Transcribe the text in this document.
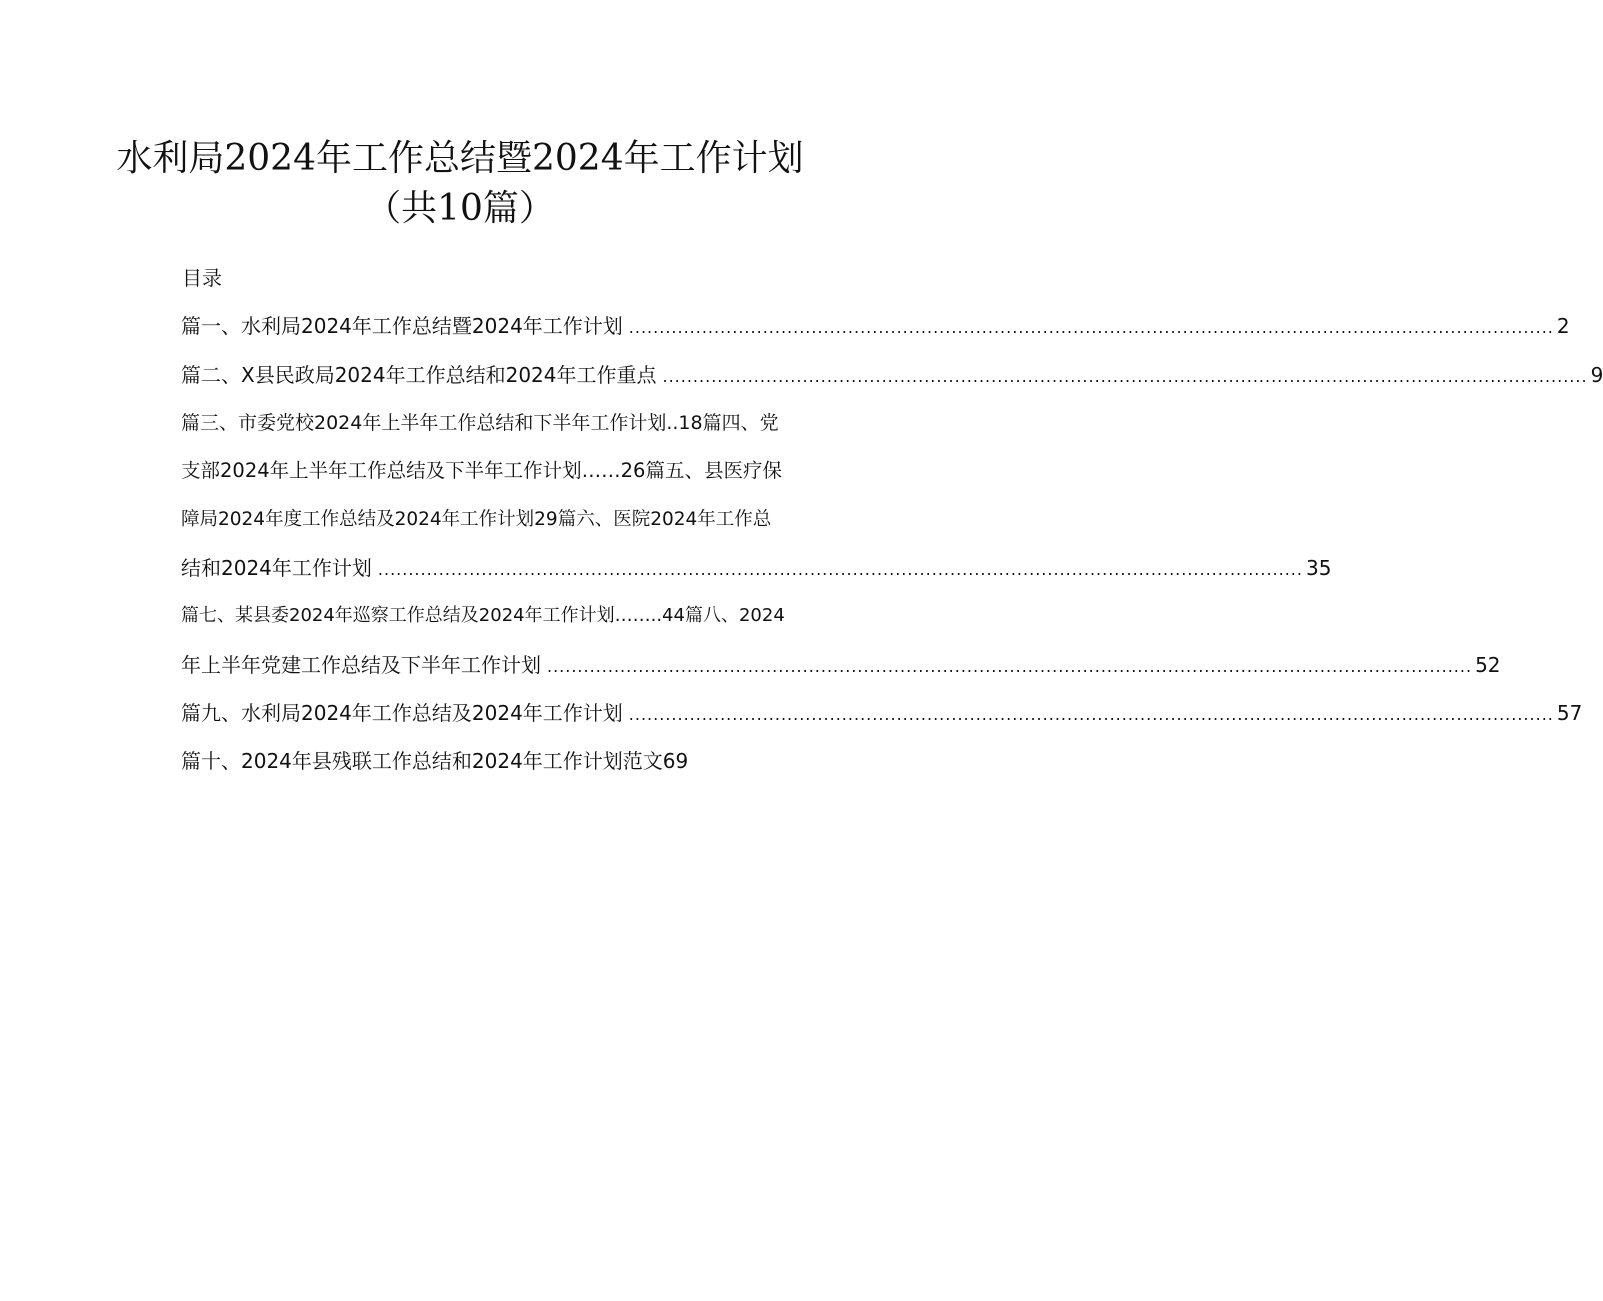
水利局2024年工作总结暨2024年工作计划
（共10篇）
目录
篇一、水利局2024年工作总结暨2024年工作计划 ........................................................................................................................................................ 2
篇二、X县民政局2024年工作总结和2024年工作重点 ........................................................................................................................................................ 9
篇三、市委党校2024年上半年工作总结和下半年工作计划..18篇四、党
支部2024年上半年工作总结及下半年工作计划……26篇五、县医疗保
障局2024年度工作总结及2024年工作计划29篇六、医院2024年工作总
结和2024年工作计划 ........................................................................................................................................................ 35
篇七、某县委2024年巡察工作总结及2024年工作计划……..44篇八、2024
年上半年党建工作总结及下半年工作计划 ........................................................................................................................................................ 52
篇九、水利局2024年工作总结及2024年工作计划 ........................................................................................................................................................ 57
篇十、2024年县残联工作总结和2024年工作计划范文69
